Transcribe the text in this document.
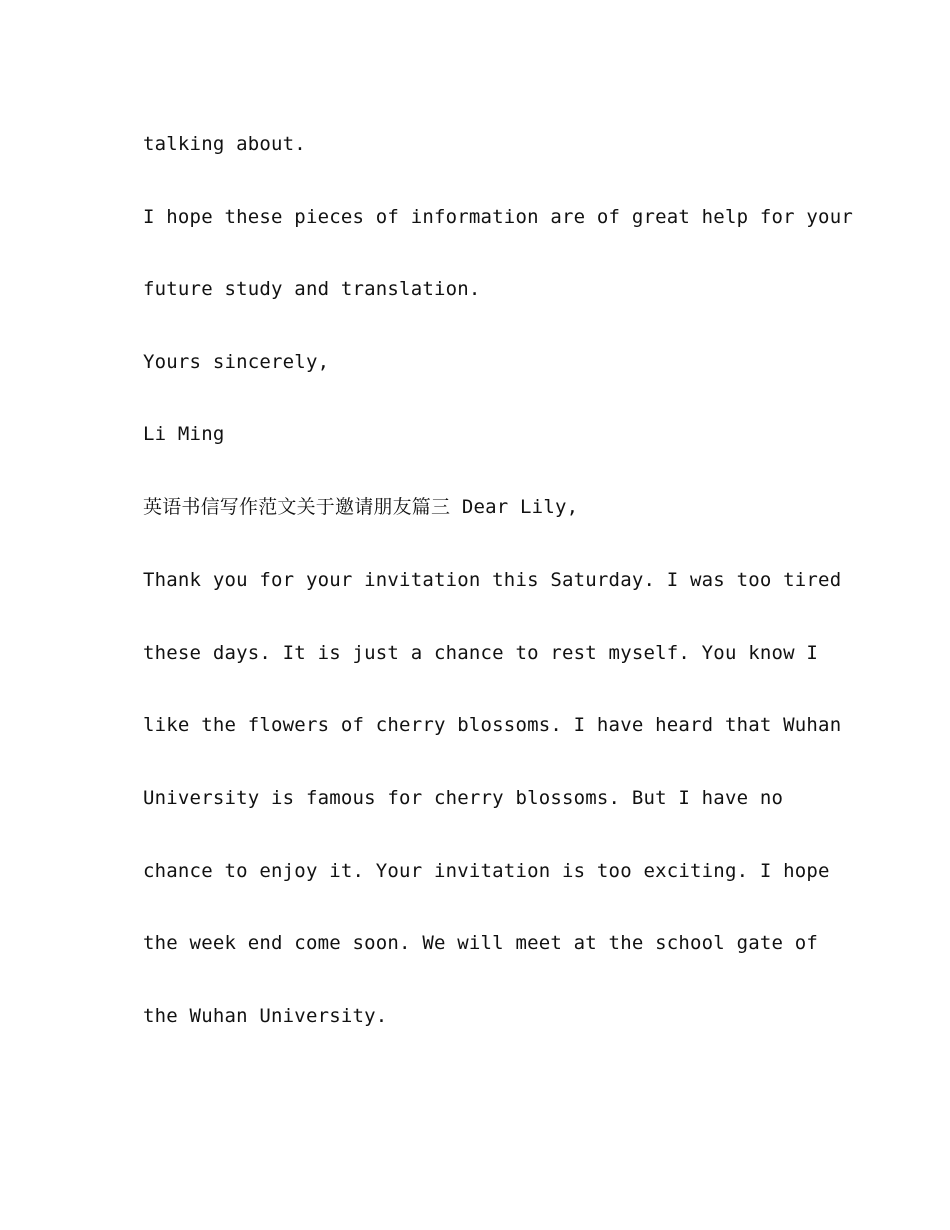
talking about.
I hope these pieces of information are of great help for your
future study and translation.
Yours sincerely,
Li Ming
英语书信写作范文关于邀请朋友篇三 Dear Lily,
Thank you for your invitation this Saturday. I was too tired
these days. It is just a chance to rest myself. You know I
like the flowers of cherry blossoms. I have heard that Wuhan
University is famous for cherry blossoms. But I have no
chance to enjoy it. Your invitation is too exciting. I hope
the week end come soon. We will meet at the school gate of
the Wuhan University.
